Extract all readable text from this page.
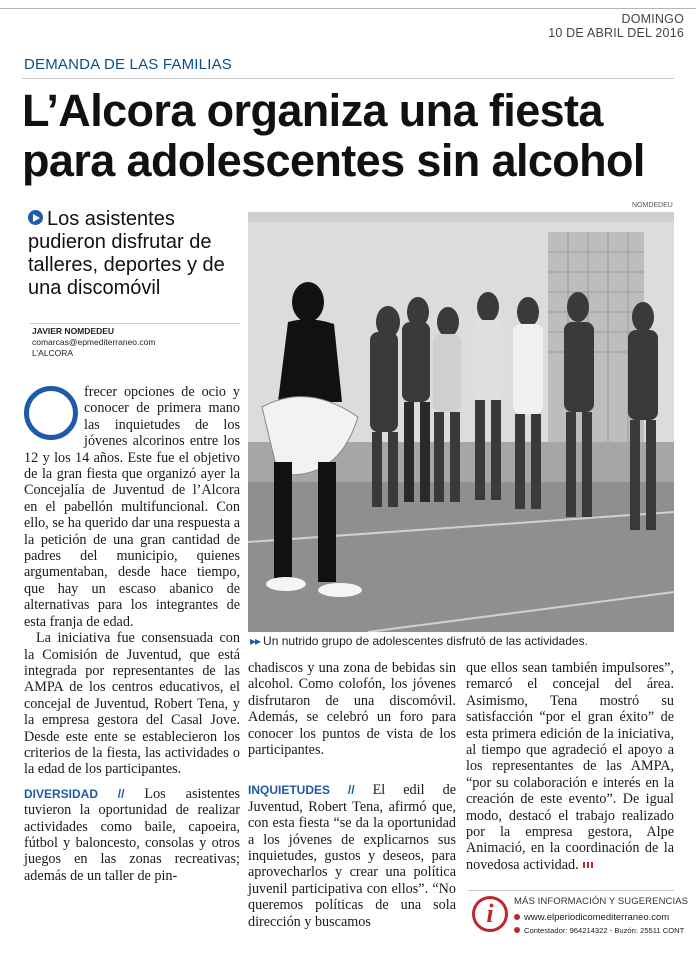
DOMINGO
10 DE ABRIL DEL 2016
DEMANDA DE LAS FAMILIAS
L’Alcora organiza una fiesta para adolescentes sin alcohol
Los asistentes pudieron disfrutar de talleres, deportes y de una discomóvil
JAVIER NOMDEDEU
comarcas@epmediterraneo.com
L’ALCORA
NOMDEDEU
▸▸ Un nutrido grupo de adolescentes disfrutó de las actividades.

frecer opciones de ocio y conocer de primera mano las inquietudes de los jóvenes alcorinos entre los 12 y los 14 años. Este fue el objetivo de la gran fiesta que organizó ayer la Concejalía de Juventud de l’Alcora en el pabellón multifuncional. Con ello, se ha querido dar una respuesta a la petición de una gran cantidad de padres del municipio, quienes argumentaban, desde hace tiempo, que hay un escaso abanico de alternativas para los integrantes de esta franja de edad.

La iniciativa fue consensuada con la Comisión de Juventud, que está integrada por representantes de las AMPA de los centros educativos, el concejal de Juventud, Robert Tena, y la empresa gestora del Casal Jove. Desde este ente se establecieron los criterios de la fiesta, las actividades o la edad de los participantes.

DIVERSIDAD // Los asistentes tuvieron la oportunidad de realizar actividades como baile, capoeira, fútbol y baloncesto, consolas y otros juegos en las zonas recreativas; además de un taller de pin-

chadiscos y una zona de bebidas sin alcohol. Como colofón, los jóvenes disfrutaron de una discomóvil. Además, se celebró un foro para conocer los puntos de vista de los participantes.

INQUIETUDES // El edil de Juventud, Robert Tena, afirmó que, con esta fiesta “se da la oportunidad a los jóvenes de explicarnos sus inquietudes, gustos y deseos, para aprovecharlos y crear una política juvenil participativa con ellos”. “No queremos políticas de una sola dirección y buscamos

que ellos sean también impulsores”, remarcó el concejal del área. Asimismo, Tena mostró su satisfacción “por el gran éxito” de esta primera edición de la iniciativa, al tiempo que agradeció el apoyo a los representantes de las AMPA, “por su colaboración e interés en la creación de este evento”. De igual modo, destacó el trabajo realizado por la empresa gestora, Alpe Animació, en la coordinación de la novedosa actividad.

i	MÁS INFORMACIÓN Y SUGERENCIAS
www.elperiodicomediterraneo.com
Contestador: 964214322 - Buzón: 25511 CONT
